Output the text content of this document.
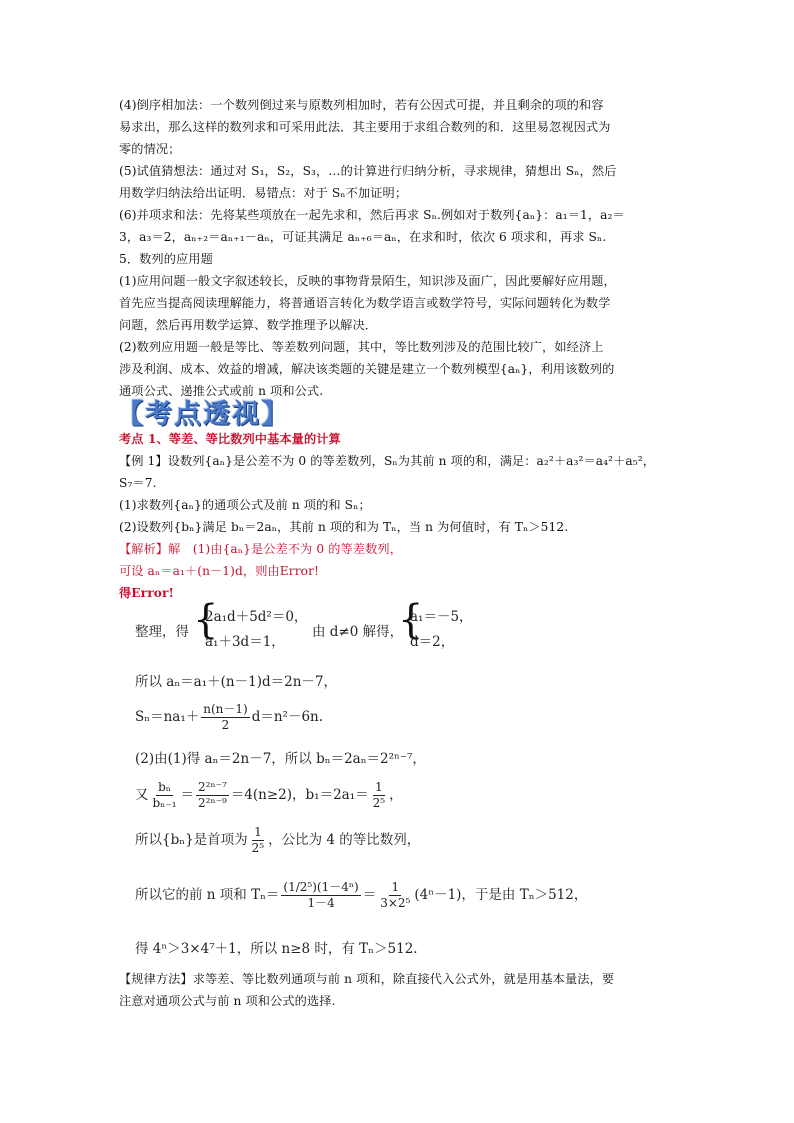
(4)倒序相加法：一个数列倒过来与原数列相加时，若有公因式可提，并且剩余的项的和容

易求出，那么这样的数列求和可采用此法．其主要用于求组合数列的和．这里易忽视因式为

零的情况；

(5)试值猜想法：通过对 S₁，S₂，S₃，…的计算进行归纳分析，寻求规律，猜想出 Sₙ，然后

用数学归纳法给出证明．易错点：对于 Sₙ不加证明；

(6)并项求和法：先将某些项放在一起先求和，然后再求 Sₙ.例如对于数列{aₙ}：a₁＝1，a₂＝

3，a₃＝2，aₙ₊₂＝aₙ₊₁－aₙ，可证其满足 aₙ₊₆＝aₙ，在求和时，依次 6 项求和，再求 Sₙ.

5．数列的应用题

(1)应用问题一般文字叙述较长，反映的事物背景陌生，知识涉及面广，因此要解好应用题，

首先应当提高阅读理解能力，将普通语言转化为数学语言或数学符号，实际问题转化为数学

问题，然后再用数学运算、数学推理予以解决．

(2)数列应用题一般是等比、等差数列问题，其中，等比数列涉及的范围比较广，如经济上

涉及利润、成本、效益的增减，解决该类题的关键是建立一个数列模型{aₙ}，利用该数列的

通项公式、递推公式或前 n 项和公式.

【考点透视】

考点 1、等差、等比数列中基本量的计算

【例 1】设数列{aₙ}是公差不为 0 的等差数列，Sₙ为其前 n 项的和，满足：a₂²＋a₃²＝a₄²＋a₅²，

S₇＝7.

(1)求数列{aₙ}的通项公式及前 n 项的和 Sₙ；

(2)设数列{bₙ}满足 bₙ＝2aₙ，其前 n 项的和为 Tₙ，当 n 为何值时，有 Tₙ＞512.

【解析】解　(1)由{aₙ}是公差不为 0 的等差数列，

可设 aₙ＝a₁＋(n－1)d，则由Error!

得Error!

整理，得 {
2a₁d＋5d²＝0，
a₁＋3d＝1，
由 d≠0 解得，
{
a₁＝－5，
d＝2，
所以 aₙ＝a₁＋(n－1)d＝2n－7，
$S_n=na_1+ \frac{n(n-1)}{2} d=n^2-6n$.
(2)由(1)得 aₙ＝2n－7，所以 bₙ＝2aₙ＝2²ⁿ⁻⁷，
又 $\frac{\text{bₙ}}{\text{bₙ₋₁}} = \frac{\text{2²ⁿ⁻⁷}}{\text{2²ⁿ⁻⁹}} =4(n\ge 2)$，$b_1=2a_1= \frac{1}{\text{2⁵}}$ ，
所以{bₙ}是首项为 $\frac{1}{\text{2⁵}}$ ，公比为 4 的等比数列，
所以它的前 n 项和 $T_n= \frac{\text{(1/2⁵)(1－4ⁿ)}}{1-4} = \frac{1}{\text{3×2⁵}} (4^n-1)$，于是由 Tₙ＞512，
得 4ⁿ＞3×4⁷＋1，所以 n≥8 时，有 Tₙ＞512.

【规律方法】求等差、等比数列通项与前 n 项和，除直接代入公式外，就是用基本量法，要

注意对通项公式与前 n 项和公式的选择.
